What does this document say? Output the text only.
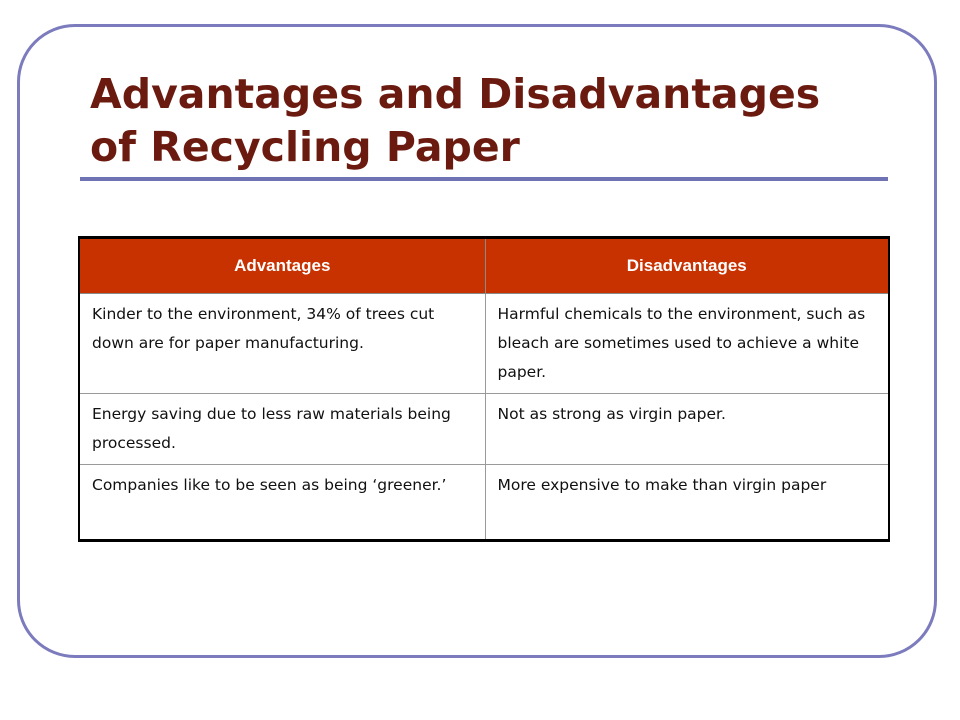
Advantages and Disadvantages
of Recycling Paper
Advantages	Disadvantages
Kinder to the environment, 34% of trees cut down are for paper manufacturing.	Harmful chemicals to the environment, such as bleach are sometimes used to achieve a white paper.
Energy saving due to less raw materials being processed.	Not as strong as virgin paper.
Companies like to be seen as being ‘greener.’	More expensive to make than virgin paper
